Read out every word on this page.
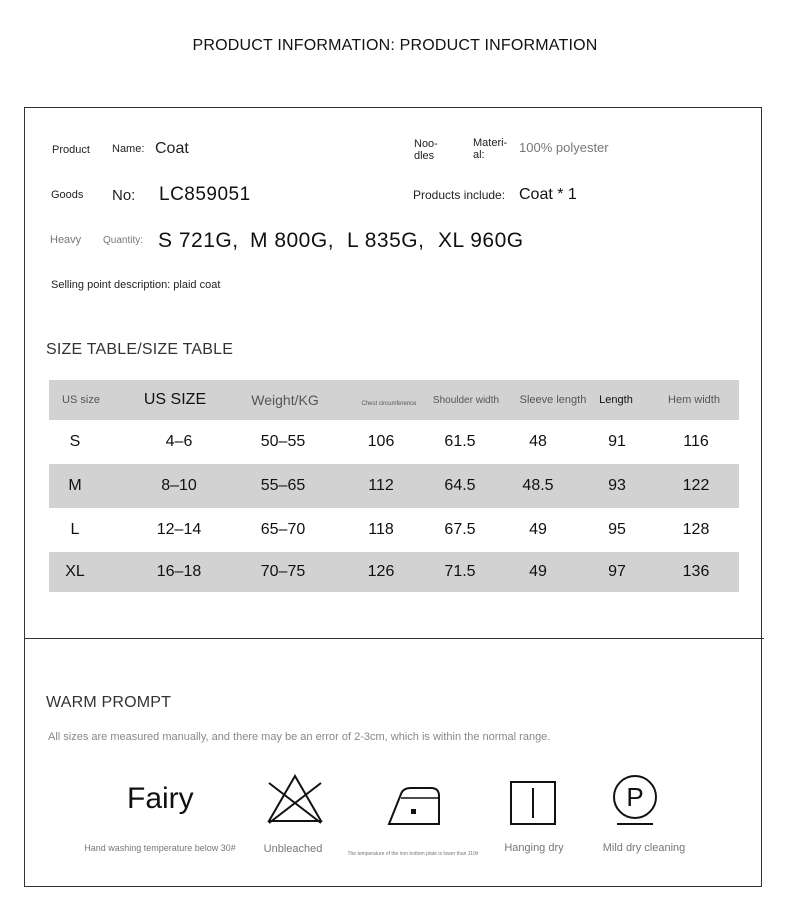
PRODUCT INFORMATION: PRODUCT INFORMATION
Product Name: Coat	Noo-
dles
Materi-
al:	100% polyester
Goods No: LC859051	Products include: Coat * 1
Heavy Quantity: S 721G, M 800G, L 835G, XL 960G
Selling point description: plaid coat
SIZE TABLE/SIZE TABLE
US size	US SIZE	Weight/KG	Chest circumference	Shoulder width	Sleeve length	Length	Hem width
S	4–6	50–55	106	61.5	48	91	116
M	8–10	55–65	112	64.5	48.5	93	122
L	12–14	65–70	118	67.5	49	95	128
XL	16–18	70–75	126	71.5	49	97	136
WARM PROMPT
All sizes are measured manually, and there may be an error of 2-3cm, which is within the normal range.
Fairy	P
Hand washing temperature below 30#	Unbleached	The temperature of the iron bottom plate is lower than 110#	Hanging dry	Mild dry cleaning
